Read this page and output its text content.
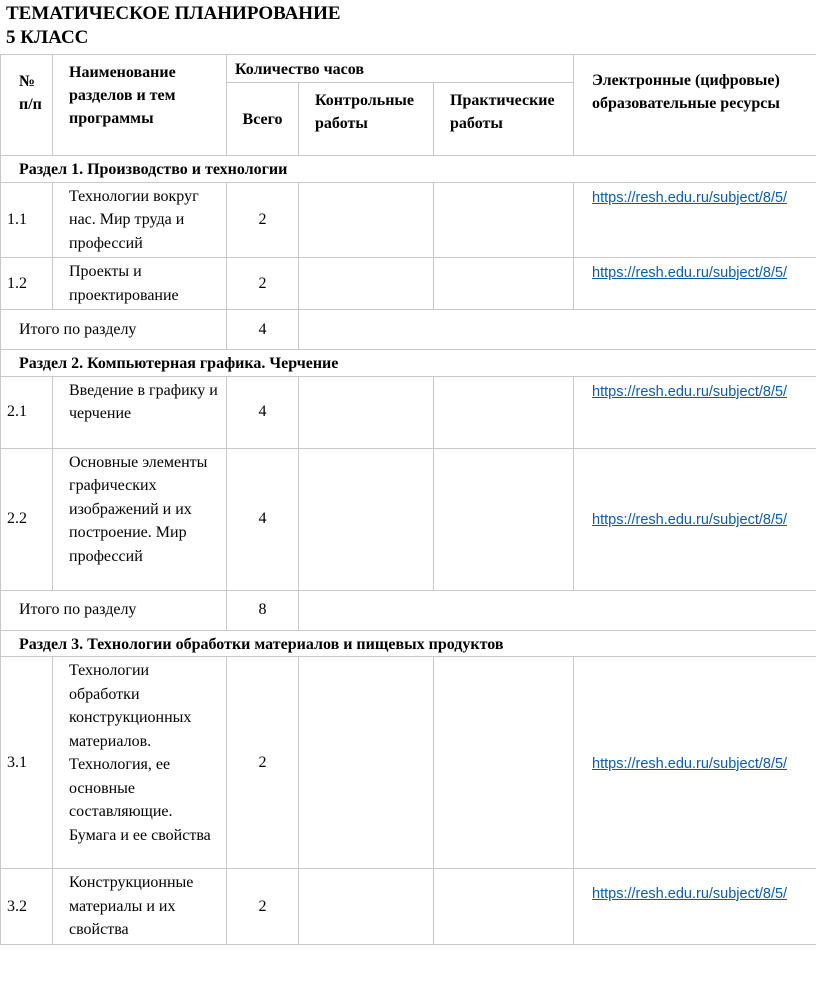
ТЕМАТИЧЕСКОЕ ПЛАНИРОВАНИЕ
5 КЛАСС
№ п/п	Наименование разделов и тем программы	Количество часов			Электронные (цифровые) образовательные ресурсы
		Всего	Контрольные работы	Практические работы	
Раздел 1. Производство и технологии					
1.1	Технологии вокруг нас. Мир труда и профессий	2			https://resh.edu.ru/subject/8/5/
1.2	Проекты и проектирование	2			https://resh.edu.ru/subject/8/5/
Итого по разделу		4			
Раздел 2. Компьютерная графика. Черчение					
2.1	Введение в графику и черчение	4			https://resh.edu.ru/subject/8/5/
2.2	Основные элементы графических изображений и их построение. Мир профессий	4			https://resh.edu.ru/subject/8/5/
Итого по разделу		8			
Раздел 3. Технологии обработки материалов и пищевых продуктов					
3.1	Технологии обработки конструкционных материалов. Технология, ее основные составляющие. Бумага и ее свойства	2			https://resh.edu.ru/subject/8/5/
3.2	Конструкционные материалы и их свойства	2			https://resh.edu.ru/subject/8/5/
